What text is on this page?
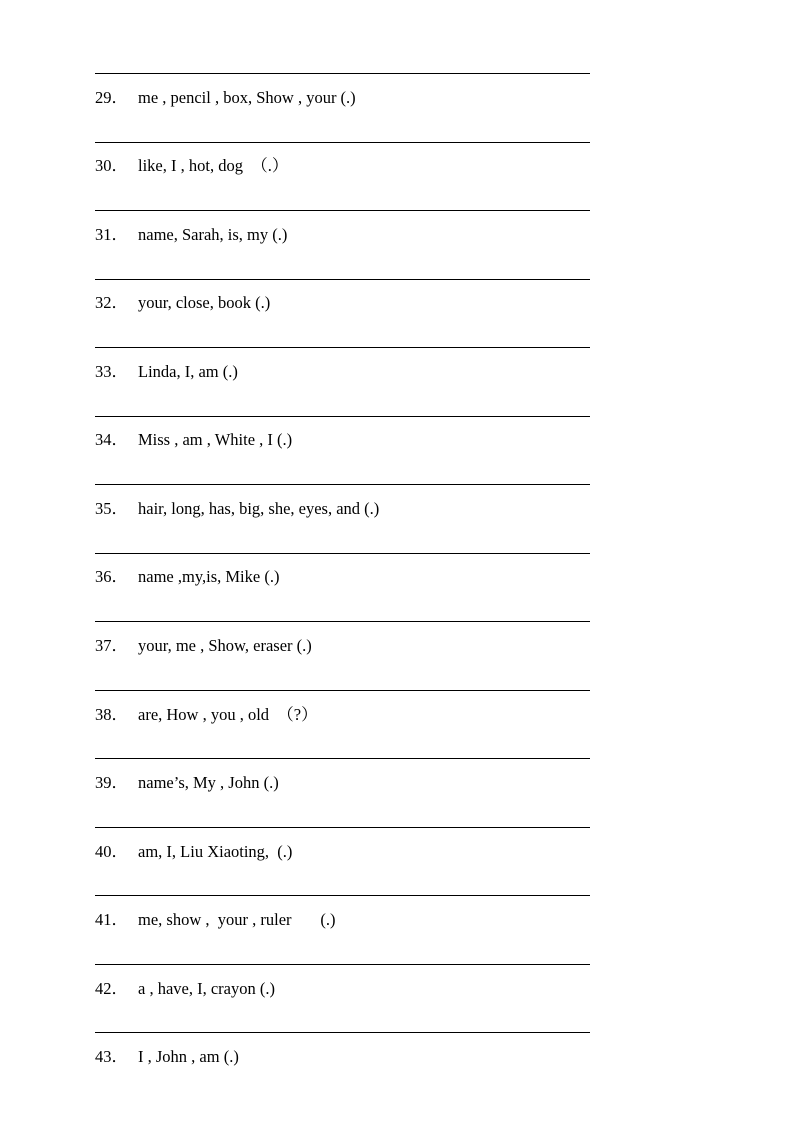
29． me , pencil , box, Show , your (.)
30． like, I , hot, dog  （.）
31． name, Sarah, is, my (.)
32． your, close, book (.)
33． Linda, I, am (.)
34． Miss , am , White , I (.)
35． hair, long, has, big, she, eyes, and (.)
36． name ,my,is, Mike (.)
37． your, me , Show, eraser (.)
38． are, How , you , old  （?）
39． name’s, My , John (.)
40． am, I, Liu Xiaoting,  (.)
41． me, show ,  your , ruler       (.)
42． a , have, I, crayon (.)
43． I , John , am (.)
